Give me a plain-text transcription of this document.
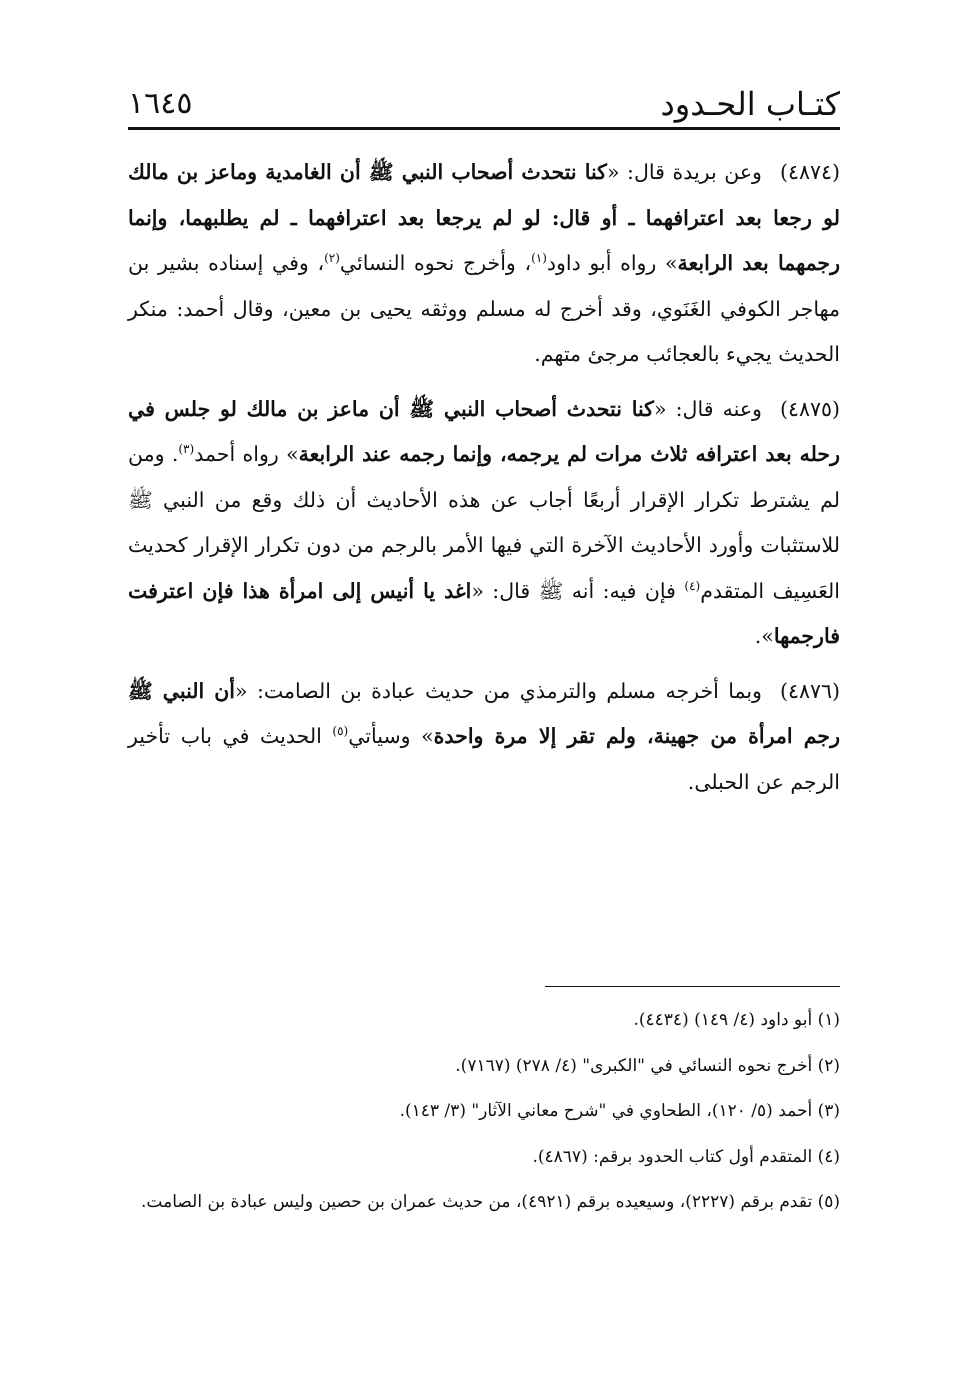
كتـاب الحـدود
١٦٤٥

(٤٨٧٤)وعن بريدة قال: «كنا نتحدث أصحاب النبي ﷺ أن الغامدية وماعز بن مالك لو رجعا بعد اعترافهما ـ أو قال: لو لم يرجعا بعد اعترافهما ـ لم يطلبهما، وإنما رجمهما بعد الرابعة» رواه أبو داود$^{(١)}$، وأخرج نحوه النسائي$^{(٢)}$، وفي إسناده بشير بن مهاجر الكوفي الغَنَوي، وقد أخرج له مسلم ووثقه يحيى بن معين، وقال أحمد: منكر الحديث يجيء بالعجائب مرجئ متهم.

(٤٨٧٥)وعنه قال: «كنا نتحدث أصحاب النبي ﷺ أن ماعز بن مالك لو جلس في رحله بعد اعترافه ثلاث مرات لم يرجمه، وإنما رجمه عند الرابعة» رواه أحمد$^{(٣)}$. ومن لم يشترط تكرار الإقرار أربعًا أجاب عن هذه الأحاديث أن ذلك وقع من النبي ﷺ للاستثبات وأورد الأحاديث الآخرة التي فيها الأمر بالرجم من دون تكرار الإقرار كحديث العَسِيف المتقدم$^{(٤)}$ فإن فيه: أنه ﷺ قال: «اغد يا أنيس إلى امرأة هذا فإن اعترفت فارجمها».

(٤٨٧٦)وبما أخرجه مسلم والترمذي من حديث عبادة بن الصامت: «أن النبي ﷺ رجم امرأة من جهينة، ولم تقر إلا مرة واحدة» وسيأتي$^{(٥)}$ الحديث في باب تأخير الرجم عن الحبلى.

(١) أبو داود (٤/ ١٤٩) (٤٤٣٤).

(٢) أخرج نحوه النسائي في "الكبرى" (٤/ ٢٧٨) (٧١٦٧).

(٣) أحمد (٥/ ١٢٠)، الطحاوي في "شرح معاني الآثار" (٣/ ١٤٣).

(٤) المتقدم أول كتاب الحدود برقم: (٤٨٦٧).

(٥) تقدم برقم (٢٢٢٧)، وسيعيده برقم (٤٩٢١)، من حديث عمران بن حصين وليس عبادة بن الصامت.
